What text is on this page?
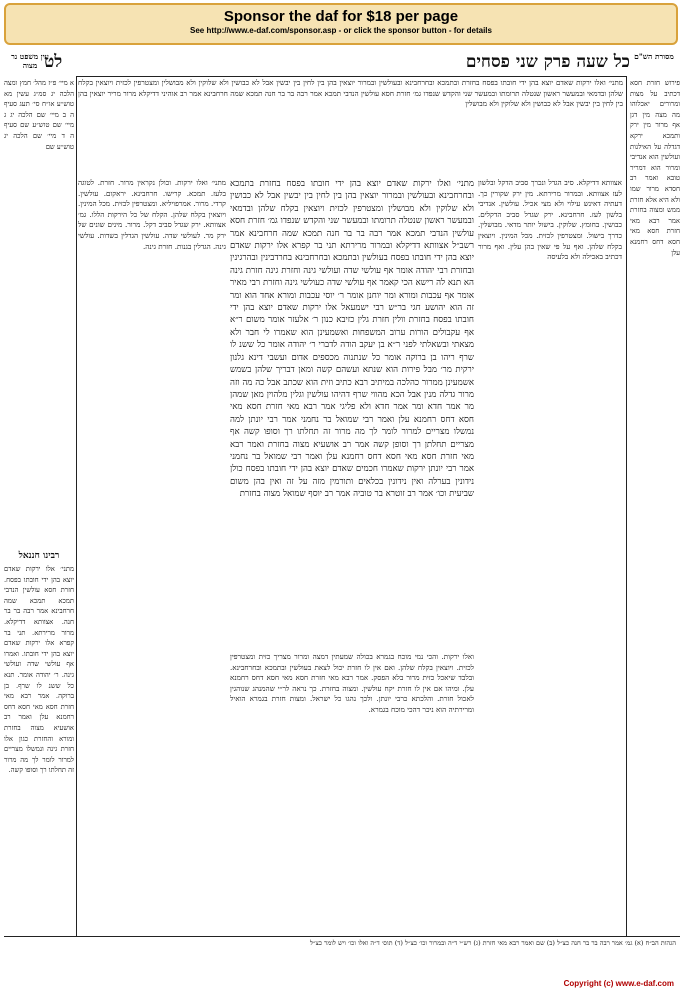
Sponsor the daf for $18 per page
See http://www.e-daf.com/sponsor.asp - or click the sponsor button - for details
לט	כל שעה פרק שני פסחים
עין משפט נר מצוה
מסורת הש"ם
מתני׳ ואלו ירקות שאדם יוצא בהן ידי חובתו בפסח בחזרת ובתמכא ובחרחבינא ובעולשין ובמרור יוצאין בהן בין לחין בין יבשין אבל לא כבושין ולא שלוקין ולא מבושלין ומצטרפין לכזית ויוצאין בקלח שלהן ובדמאי ובמעשר ראשון שנטלה תרומתו ובמעשר שני והקדש שנפדו גמ׳ חזרת חסא עולשין הנדבי תמכא אמר רבה בר בר חנה תמכא שמה חרחבינא אמר רב אוהיני דדיקלא מרור מריר יוצאין בהן בין לחין בין יבשין אבל לא כבושין ולא שלוקין ולא מבושלין
פירוש חזרת חסא דכתיב על מצות ומרורים יאכלוהו מה מצה מין דגן אף מרור מין ירק ותמכא ירקא דגדלה על האילנות ועולשין הוא אנדיבי ומרור הוא דמריר טובא ואמר רב חסדא מרור שמו ולא היא אלא חזרת ממש ומצוה בחזרת אמר רבא מאי חזרת חסא מאי חסא דחס רחמנא עלן
אצוותא דדיקלא. סיב הגדל ונכרך סביב הדקל ובלשון לעז אצוותא. ובמרור מרירתא. מין ירק שקורין כך. דעתיה דאינש עילוי ולא מצי אכיל. עולשין. אנדיבי בלשון לעז. חרחבינא. ירק שגדל סביב הדקלים. כבושין. בחומץ. שלוקין. בישול יותר מדאי. מבושלין. כדרך בישול. ומצטרפין לכזית. מכל המינין. ויוצאין בקלח שלהן. ואף על פי שאין בהן עלין. ואף מרור דכתיב באכילה ולא בלעיסה
מתני׳ ואלו ירקות שאדם יוצא בהן ידי חובתו בפסח בחזרת בתמכא ובחרחבינא ובעולשין ובמרור יוצאין בהן בין לחין בין יבשין אבל לא כבושין ולא שלוקין ולא מבושלין ומצטרפין לכזית ויוצאין בקלח שלהן ובדמאי ובמעשר ראשון שנטלה תרומתו ובמעשר שני והקדש שנפדו גמ׳ חזרת חסא עולשין הנדבי תמכא אמר רבה בר בר חנה תמכא שמה חרחבינא אמר רשב״ל אצוותא דדיקלא ובמרור מרירתא תני בר קפרא אלו ירקות שאדם יוצא בהן ידי חובתו בפסח בעולשין ובתמכא ובחרחבינא בחרדבינין ובהרגינין ובחזרת רבי יהודה אומר אף עולשי שדה ועולשי גינה וחזרת גינה חזרת גינה הא תנא לה רישא הכי קאמר אף עולשי שדה כעולשי גינה וחזרת רבי מאיר אומר אף עכבות ומורא ומר יוחנן אומר ר׳ יוסי עכבות ומורא אחד הוא ומר זה הוא יהושע חגי בר״ש רבי ישמעאל אלו ירקות שאדם יוצא בהן ידי חובתו בפסח בחזרת וולין חזרת גלין כזיבא כנון ר׳ אלעזר אומר משום ר״א אף עקבולים הורות ערוב המשפחות ואשמעינן הוא שאמרו לי חבר ולא מצאתי ובשאלתי לפני ר״א בן יעקב הודה לדברי ר׳ יהודה אומר כל ששנ לו שרף ריהו בן ברוקה אומר כל שנתנוה מכספים אדום ועשבי דינא גלנון ירקית מר׳ מבל פירות הוא שנתא ועשהם קשה ומאן דבריך שלהן בשמש אשמעינן ממרור כהלכה במיתיב רבא כתיב וזית הוא שכתב אבל כה מה וזה מרור גדלה מנין אבל הכא מהווי שרף דהיהו עולשין וגלין מלהוין מאן שמהן מר אמר חדא ומר אמר חדא ולא פליגי אמר רבא מאי חזרת חסא מאי חסא דחס רחמנא עלן ואמר רבי שמואל בר נחמני אמר רבי יונתן למה נמשלו מצריים למרור לומר לך מה מרור זה תחלתו רך וסופו קשה אף מצריים תחלתן רך וסופן קשה אמר רב אושעיא מצוה בחזרת ואמר רבא מאי חזרת חסא מאי חסא דחס רחמנא עלן ואמר רבי שמואל בר נחמני אמר רבי יונתן ירקות שאמרו חכמים שאדם יוצא בהן ידי חובתו בפסח כולן נידונין בערלה ואין נידונין בכלאים ותורמין מזה על זה ואין בהן משום שביעית וכו׳ אמר רב זוטרא בר טוביה אמר רב יוסף שמואל מצוה בחזרת
מתני׳ ואלו ירקות. וכולן נקראין מרור. חזרת. לטוגה בלעז. תמכא. קרישו. חרחבינא. יראקום. עולשין. קרדי. מרור. אמרפויליא. ומצטרפין לכזית. מכל המינין. ויוצאין בקלח שלהן. הקלח של כל הירקות הללו. גמ׳ אצוותא. ירק שגדל סביב דקל. מרור. מינים שונים של ירק מר. לעולשי שדה. עולשין הגדלין בשדות. עולשי גינה. הגדלין בגנות. חזרת גינה.
א מיי׳ פ״ז מהל׳ חמץ ומצה הלכה יג סמ״ג עשין מא טוש״ע או״ח סי׳ תעג סעיף ה ב מיי׳ שם הלכה יג ג מיי׳ שם טוש״ע שם סעיף ה ד מיי׳ שם הלכה יג טוש״ע שם
רבינו חננאל
מתני׳ אלו ירקות שאדם יוצא בהן ידי חובתו בפסח. חזרת חסא עולשין הנדבי תמכא תמכא שמה חרחבינא אמר רבה בר בר חנה. אצוותא דדיקלא. מרור מרירתא. תני בר קפרא אלו ירקות שאדם יוצא בהן ידי חובתו. ואמרו אף עולשי שדה ועולשי גינה. ר׳ יהודה אומר. תנא כל ששנ לו שרף. בן ברוקה. אמר רבא מאי חזרת חסא מאי חסא דחס רחמנא עלן ואמר רב אושעיא מצוה בחזרת ומורא והחזרת כגון אלו חזרת גינה ונמשלו מצריים למרור לומר לך מה מרור זה תחלתו רך וסופו קשה.
ואלו ירקות. והכי נמי מוכח בגמרא בכולה שמעתין דמצה ומרור מצריך כזית ומצטרפין לכזית. ויוצאין בקלח שלהן. ואם אין לו חזרת יכול לצאת בעולשין ובתמכא ובחרחבינא. ובלבד שיאכל כזית מרור בלא הפסק. אמר רבא מאי חזרת חסא מאי חסא דחס רחמנא עלן. ומיהו אם אין לו חזרת יקח עולשין. ומצוה בחזרת. כך נראה לר״י שהמנהג שנוהגין לאכול חזרת. והלכתא כרבי יונתן. ולכך נהגו כל ישראל. ומצות חזרת בגמרא הואיל ומרירתיה הוא ניכר דהכי מוכח בגמרא.
הגהות הב״ח (א) גמ׳ אמר רבה בר בר חנה כצ״ל (ב) שם ואמר רבא מאי חזרת (ג) רש״י ד״ה ובמרור וכו׳ כצ״ל (ד) תוס׳ ד״ה ואלו וכו׳ ויש לומר כצ״ל
Copyright (c) www.e-daf.com
